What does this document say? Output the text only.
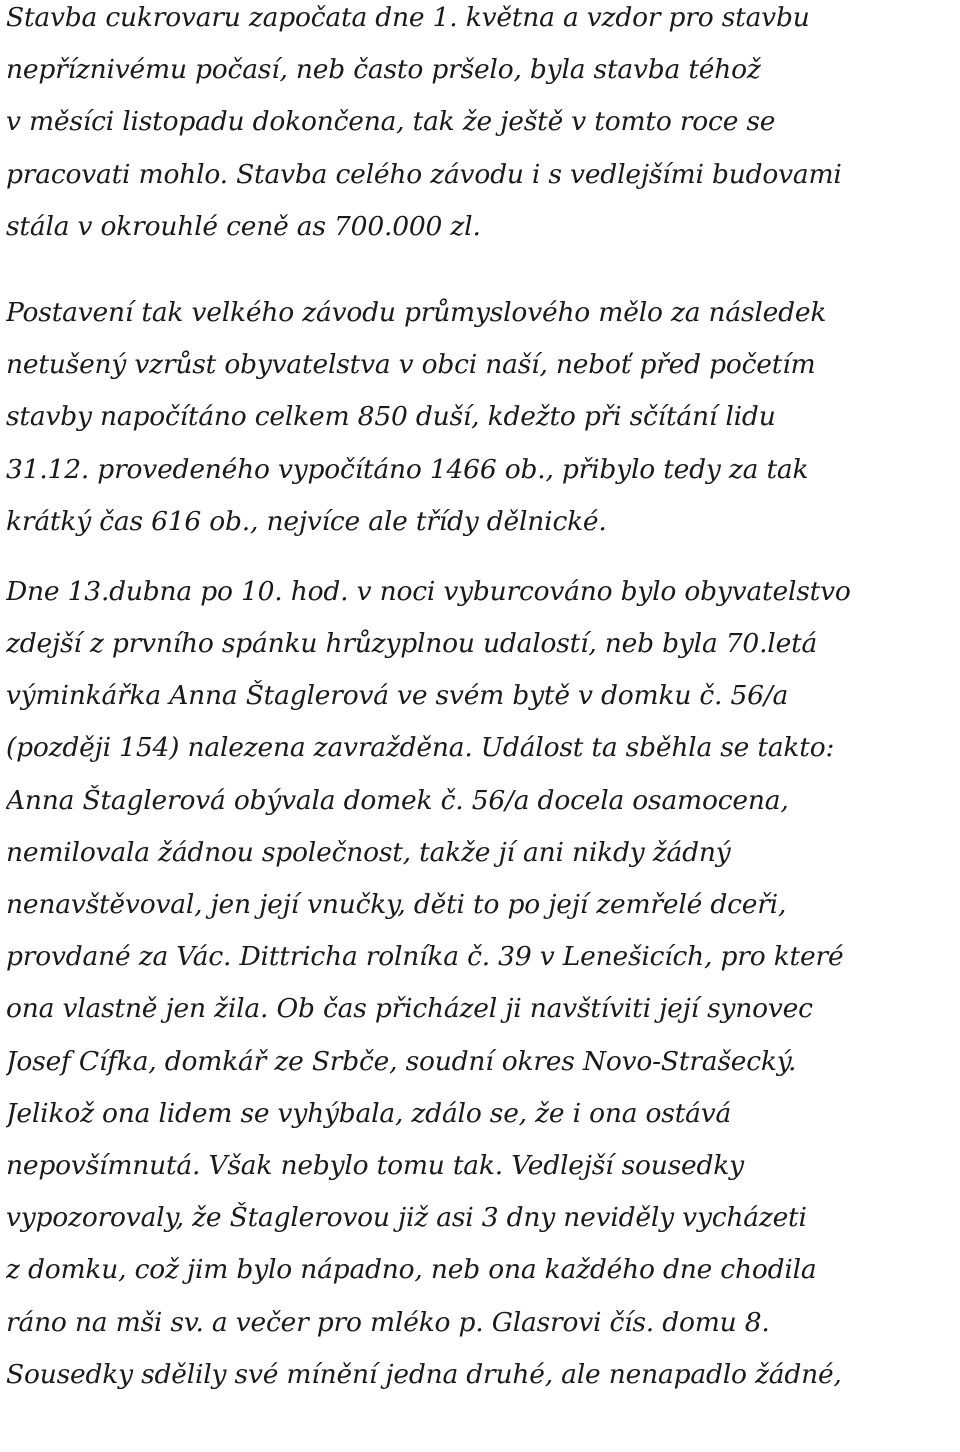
Stavba cukrovaru započata dne 1. května a vzdor pro stavbu
nepříznivému počasí, neb často pršelo, byla stavba téhož
v měsíci listopadu dokončena, tak že ještě v tomto roce se
pracovati mohlo. Stavba celého závodu i s vedlejšími budovami
stála v okrouhlé ceně as 700.000 zl.
Postavení tak velkého závodu průmyslového mělo za následek
netušený vzrůst obyvatelstva v obci naší, neboť před početím
stavby napočítáno celkem 850 duší, kdežto při sčítání lidu
31.12. provedeného vypočítáno 1466 ob., přibylo tedy za tak
krátký čas 616 ob., nejvíce ale třídy dělnické.
Dne 13.dubna po 10. hod. v noci vyburcováno bylo obyvatelstvo
zdejší z prvního spánku hrůzyplnou udalostí, neb byla 70.letá
výminkářka Anna Štaglerová ve svém bytě v domku č. 56/a
(později 154) nalezena zavražděna. Událost ta sběhla se takto:
Anna Štaglerová obývala domek č. 56/a docela osamocena,
nemilovala žádnou společnost, takže jí ani nikdy žádný
nenavštěvoval, jen její vnučky, děti to po její zemřelé dceři,
provdané za Vác. Dittricha rolníka č. 39 v Lenešicích, pro které
ona vlastně jen žila. Ob čas přicházel ji navštíviti její synovec
Josef Cífka, domkář ze Srbče, soudní okres Novo-Strašecký.
Jelikož ona lidem se vyhýbala, zdálo se, že i ona ostává
nepovšímnutá. Však nebylo tomu tak. Vedlejší sousedky
vypozorovaly, že Štaglerovou již asi 3 dny neviděly vycházeti
z domku, což jim bylo nápadno, neb ona každého dne chodila
ráno na mši sv. a večer pro mléko p. Glasrovi čís. domu 8.
Sousedky sdělily své mínění jedna druhé, ale nenapadlo žádné,
